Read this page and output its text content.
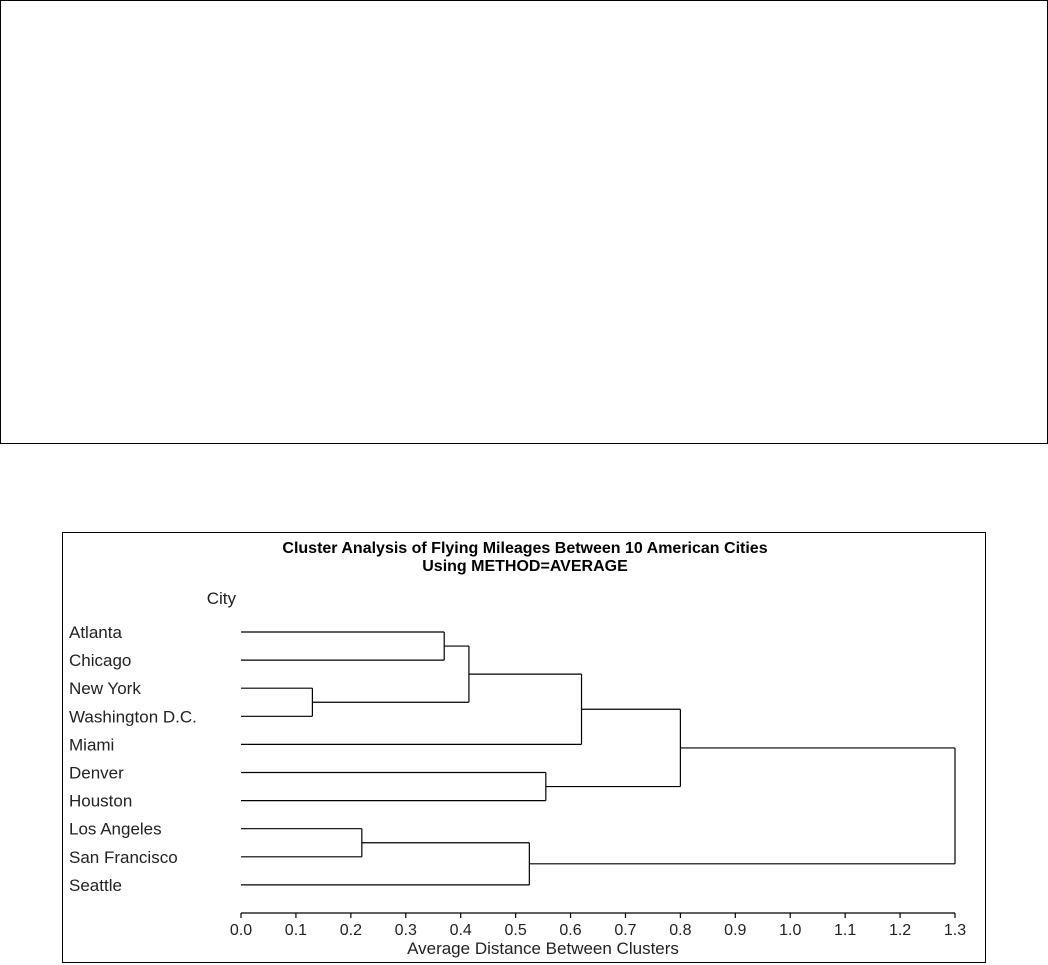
Cluster Analysis of Flying Mileages Between 10 American Cities
Using METHOD=AVERAGE
City
Atlanta
Chicago
New York
Washington D.C.
Miami
Denver
Houston
Los Angeles
San Francisco
Seattle
0.0 0.1 0.2 0.3 0.4 0.5 0.6 0.7 0.8 0.9 1.0 1.1 1.2 1.3
Average Distance Between Clusters
